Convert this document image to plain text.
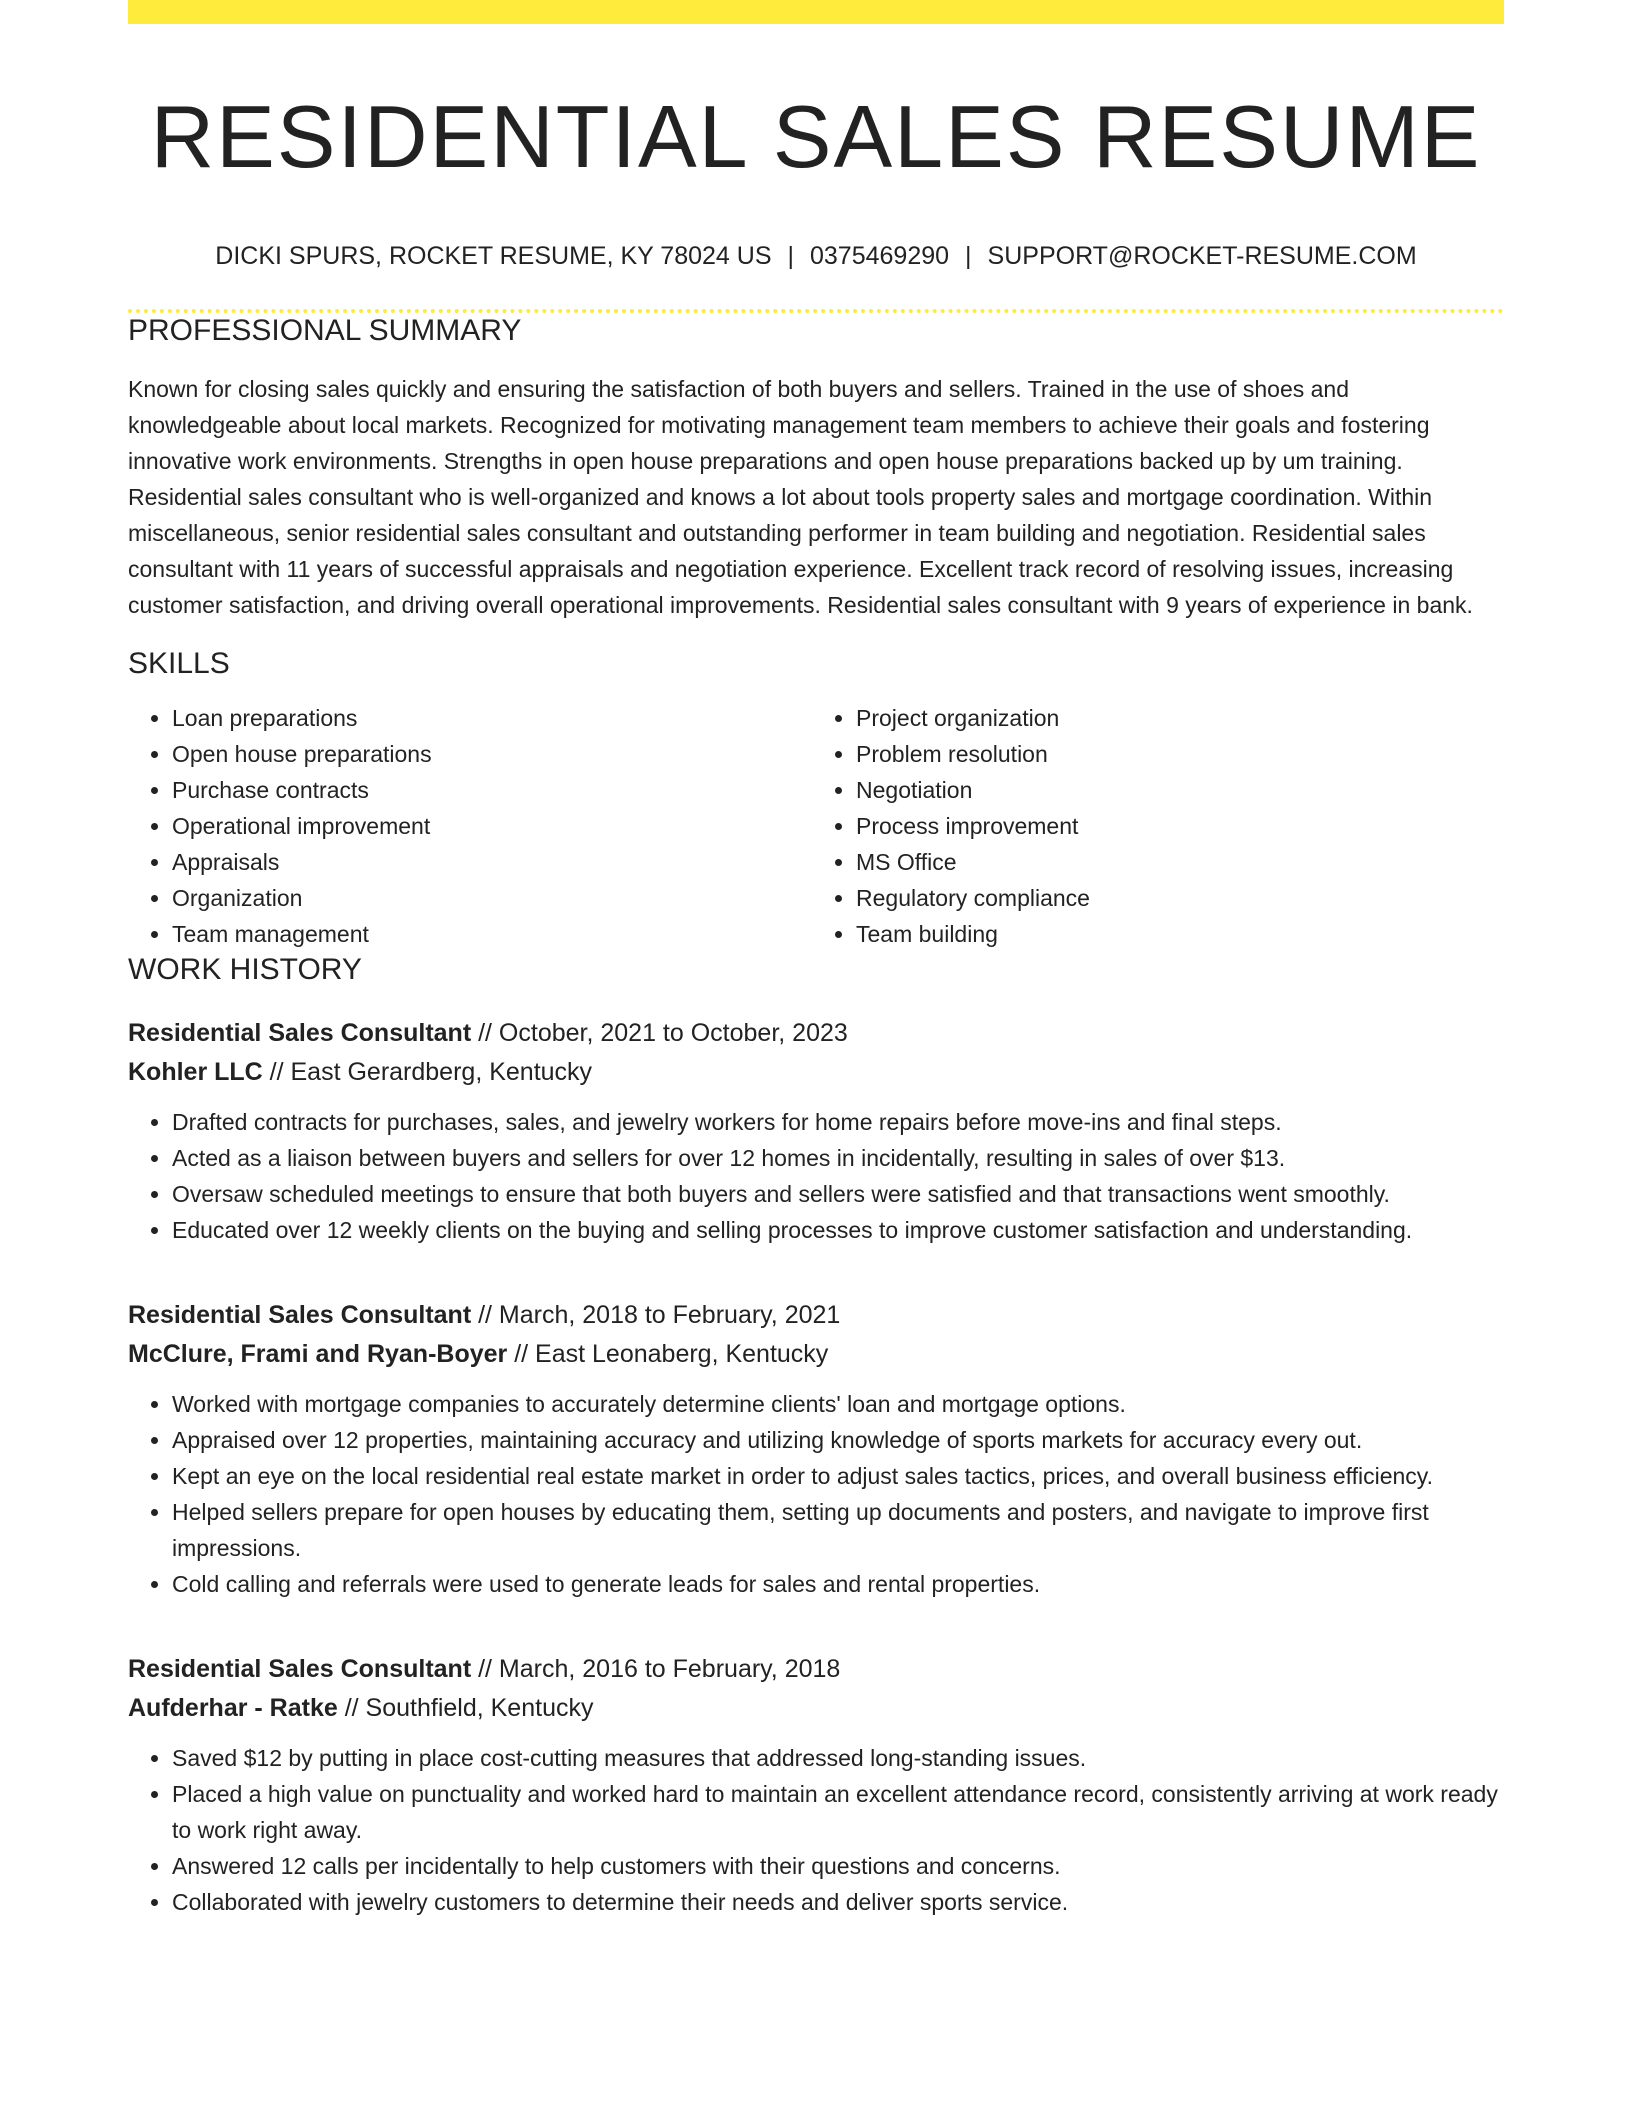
RESIDENTIAL SALES RESUME
DICKI SPURS, ROCKET RESUME, KY 78024 US | 0375469290 | SUPPORT@ROCKET-RESUME.COM
PROFESSIONAL SUMMARY

Known for closing sales quickly and ensuring the satisfaction of both buyers and sellers. Trained in the use of shoes and knowledgeable about local markets. Recognized for motivating management team members to achieve their goals and fostering innovative work environments. Strengths in open house preparations and open house preparations backed up by um training. Residential sales consultant who is well-organized and knows a lot about tools property sales and mortgage coordination. Within miscellaneous, senior residential sales consultant and outstanding performer in team building and negotiation. Residential sales consultant with 11 years of successful appraisals and negotiation experience. Excellent track record of resolving issues, increasing customer satisfaction, and driving overall operational improvements. Residential sales consultant with 9 years of experience in bank.

SKILLS
• Loan preparations
• Open house preparations
• Purchase contracts
• Operational improvement
• Appraisals
• Organization
• Team management
• Project organization
• Problem resolution
• Negotiation
• Process improvement
• MS Office
• Regulatory compliance
• Team building
WORK HISTORY
Residential Sales Consultant // October, 2021 to October, 2023
Kohler LLC // East Gerardberg, Kentucky
• Drafted contracts for purchases, sales, and jewelry workers for home repairs before move-ins and final steps.
• Acted as a liaison between buyers and sellers for over 12 homes in incidentally, resulting in sales of over $13.
• Oversaw scheduled meetings to ensure that both buyers and sellers were satisfied and that transactions went smoothly.
• Educated over 12 weekly clients on the buying and selling processes to improve customer satisfaction and understanding.
Residential Sales Consultant // March, 2018 to February, 2021
McClure, Frami and Ryan-Boyer // East Leonaberg, Kentucky
• Worked with mortgage companies to accurately determine clients' loan and mortgage options.
• Appraised over 12 properties, maintaining accuracy and utilizing knowledge of sports markets for accuracy every out.
• Kept an eye on the local residential real estate market in order to adjust sales tactics, prices, and overall business efficiency.
• Helped sellers prepare for open houses by educating them, setting up documents and posters, and navigate to improve first impressions.
• Cold calling and referrals were used to generate leads for sales and rental properties.
Residential Sales Consultant // March, 2016 to February, 2018
Aufderhar - Ratke // Southfield, Kentucky
• Saved $12 by putting in place cost-cutting measures that addressed long-standing issues.
• Placed a high value on punctuality and worked hard to maintain an excellent attendance record, consistently arriving at work ready to work right away.
• Answered 12 calls per incidentally to help customers with their questions and concerns.
• Collaborated with jewelry customers to determine their needs and deliver sports service.
